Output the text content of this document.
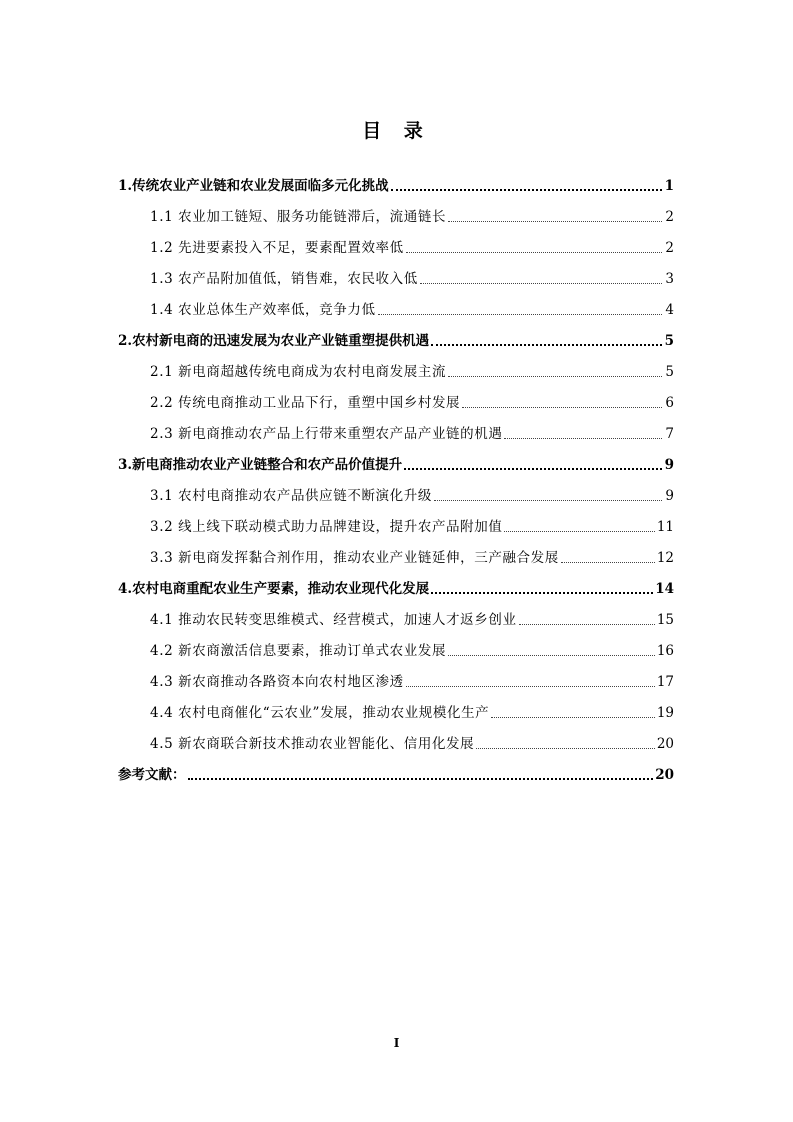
目 录
1.传统农业产业链和农业发展面临多元化挑战	1
1.1 农业加工链短、服务功能链滞后，流通链长	2
1.2 先进要素投入不足，要素配置效率低	2
1.3 农产品附加值低，销售难，农民收入低	3
1.4 农业总体生产效率低，竞争力低	4
2.农村新电商的迅速发展为农业产业链重塑提供机遇	5
2.1 新电商超越传统电商成为农村电商发展主流	5
2.2 传统电商推动工业品下行，重塑中国乡村发展	6
2.3 新电商推动农产品上行带来重塑农产品产业链的机遇	7
3.新电商推动农业产业链整合和农产品价值提升	9
3.1 农村电商推动农产品供应链不断演化升级	9
3.2 线上线下联动模式助力品牌建设，提升农产品附加值	11
3.3 新电商发挥黏合剂作用，推动农业产业链延伸，三产融合发展	12
4.农村电商重配农业生产要素，推动农业现代化发展	14
4.1 推动农民转变思维模式、经营模式，加速人才返乡创业	15
4.2 新农商激活信息要素，推动订单式农业发展	16
4.3 新农商推动各路资本向农村地区渗透	17
4.4 农村电商催化“云农业”发展，推动农业规模化生产	19
4.5 新农商联合新技术推动农业智能化、信用化发展	20
参考文献：	20
I
